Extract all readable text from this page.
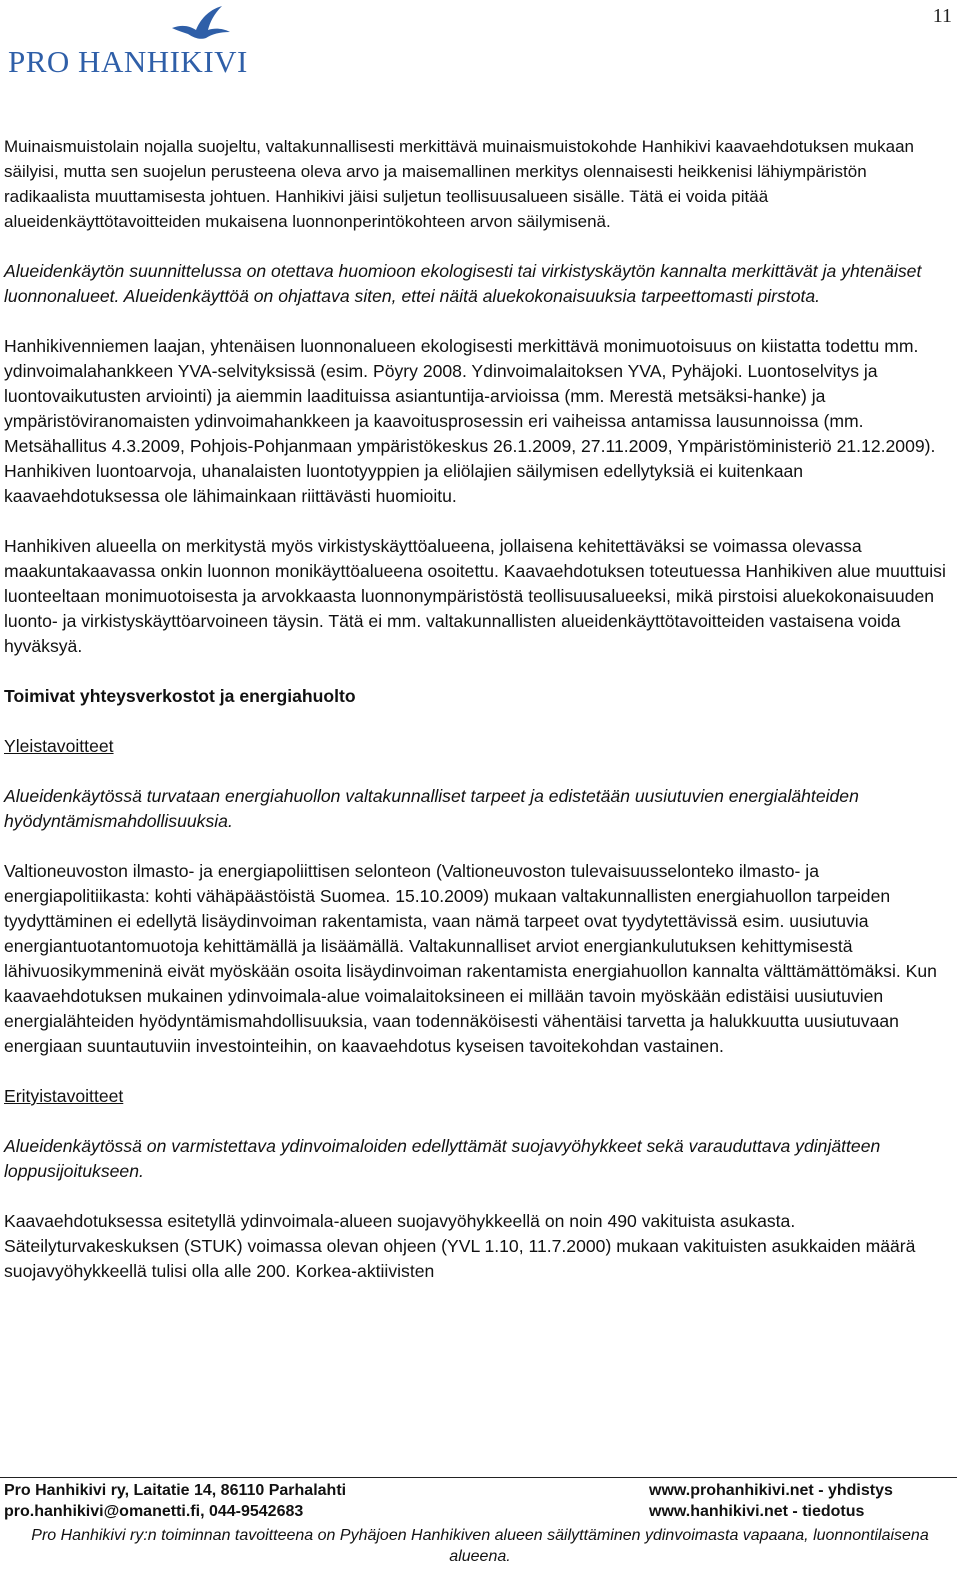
11
PRO HANHIKIVI

Muinaismuistolain nojalla suojeltu, valtakunnallisesti merkittävä muinaismuistokohde Hanhikivi kaavaehdotuksen mukaan säilyisi, mutta sen suojelun perusteena oleva arvo ja maisemallinen merkitys olennaisesti heikkenisi lähiympäristön radikaalista muuttamisesta johtuen. Hanhikivi jäisi suljetun teollisuusalueen sisälle. Tätä ei voida pitää alueidenkäyttötavoitteiden mukaisena luonnonperintökohteen arvon säilymisenä.

Alueidenkäytön suunnittelussa on otettava huomioon ekologisesti tai virkistyskäytön kannalta merkittävät ja yhtenäiset luonnonalueet. Alueidenkäyttöä on ohjattava siten, ettei näitä aluekokonaisuuksia tarpeettomasti pirstota.

Hanhikivenniemen laajan, yhtenäisen luonnonalueen ekologisesti merkittävä monimuotoisuus on kiistatta todettu mm. ydinvoimalahankkeen YVA-selvityksissä (esim. Pöyry 2008. Ydinvoimalaitoksen YVA, Pyhäjoki. Luontoselvitys ja luontovaikutusten arviointi) ja aiemmin laadituissa asiantuntija-arvioissa (mm. Merestä metsäksi-hanke) ja ympäristöviranomaisten ydinvoimahankkeen ja kaavoitusprosessin eri vaiheissa antamissa lausunnoissa (mm. Metsähallitus 4.3.2009, Pohjois-Pohjanmaan ympäristökeskus 26.1.2009, 27.11.2009, Ympäristöministeriö 21.12.2009). Hanhikiven luontoarvoja, uhanalaisten luontotyyppien ja eliölajien säilymisen edellytyksiä ei kuitenkaan kaavaehdotuksessa ole lähimainkaan riittävästi huomioitu.

Hanhikiven alueella on merkitystä myös virkistyskäyttöalueena, jollaisena kehitettäväksi se voimassa olevassa maakuntakaavassa onkin luonnon monikäyttöalueena osoitettu. Kaavaehdotuksen toteutuessa Hanhikiven alue muuttuisi luonteeltaan monimuotoisesta ja arvokkaasta luonnonympäristöstä teollisuusalueeksi, mikä pirstoisi aluekokonaisuuden luonto- ja virkistyskäyttöarvoineen täysin. Tätä ei mm. valtakunnallisten alueidenkäyttötavoitteiden vastaisena voida hyväksyä.

Toimivat yhteysverkostot ja energiahuolto

Yleistavoitteet

Alueidenkäytössä turvataan energiahuollon valtakunnalliset tarpeet ja edistetään uusiutuvien energialähteiden hyödyntämismahdollisuuksia.

Valtioneuvoston ilmasto- ja energiapoliittisen selonteon (Valtioneuvoston tulevaisuusselonteko ilmasto- ja energiapolitiikasta: kohti vähäpäästöistä Suomea. 15.10.2009) mukaan valtakunnallisten energiahuollon tarpeiden tyydyttäminen ei edellytä lisäydinvoiman rakentamista, vaan nämä tarpeet ovat tyydytettävissä esim. uusiutuvia energiantuotantomuotoja kehittämällä ja lisäämällä. Valtakunnalliset arviot energiankulutuksen kehittymisestä lähivuosikymmeninä eivät myöskään osoita lisäydinvoiman rakentamista energiahuollon kannalta välttämättömäksi. Kun kaavaehdotuksen mukainen ydinvoimala-alue voimalaitoksineen ei millään tavoin myöskään edistäisi uusiutuvien energialähteiden hyödyntämismahdollisuuksia, vaan todennäköisesti vähentäisi tarvetta ja halukkuutta uusiutuvaan energiaan suuntautuviin investointeihin, on kaavaehdotus kyseisen tavoitekohdan vastainen.

Erityistavoitteet

Alueidenkäytössä on varmistettava ydinvoimaloiden edellyttämät suojavyöhykkeet sekä varauduttava ydinjätteen loppusijoitukseen.

Kaavaehdotuksessa esitetyllä ydinvoimala-alueen suojavyöhykkeellä on noin 490 vakituista asukasta. Säteilyturvakeskuksen (STUK) voimassa olevan ohjeen (YVL 1.10, 11.7.2000) mukaan vakituisten asukkaiden määrä suojavyöhykkeellä tulisi olla alle 200. Korkea-aktiivisten

Pro Hanhikivi ry, Laitatie 14, 86110 Parhalahti
pro.hanhikivi@omanetti.fi, 044-9542683
www.prohanhikivi.net - yhdistys
www.hanhikivi.net - tiedotus
Pro Hanhikivi ry:n toiminnan tavoitteena on Pyhäjoen Hanhikiven alueen säilyttäminen ydinvoimasta vapaana, luonnontilaisena alueena.
